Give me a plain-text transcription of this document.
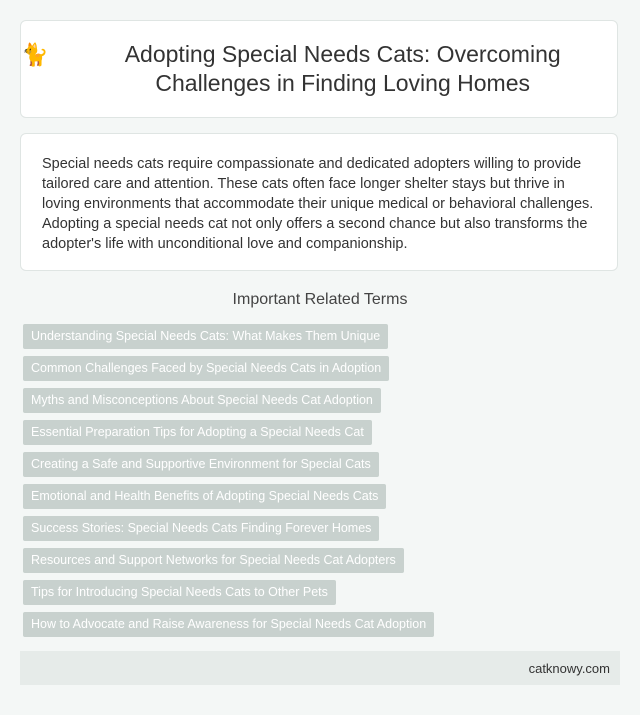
🐈	Adopting Special Needs Cats: Overcoming Challenges in Finding Loving Homes

Special needs cats require compassionate and dedicated adopters willing to provide tailored care and attention. These cats often face longer shelter stays but thrive in loving environments that accommodate their unique medical or behavioral challenges. Adopting a special needs cat not only offers a second chance but also transforms the adopter's life with unconditional love and companionship.

Important Related Terms
Understanding Special Needs Cats: What Makes Them Unique
Common Challenges Faced by Special Needs Cats in Adoption
Myths and Misconceptions About Special Needs Cat Adoption
Essential Preparation Tips for Adopting a Special Needs Cat
Creating a Safe and Supportive Environment for Special Cats
Emotional and Health Benefits of Adopting Special Needs Cats
Success Stories: Special Needs Cats Finding Forever Homes
Resources and Support Networks for Special Needs Cat Adopters
Tips for Introducing Special Needs Cats to Other Pets
How to Advocate and Raise Awareness for Special Needs Cat Adoption
catknowy.com
